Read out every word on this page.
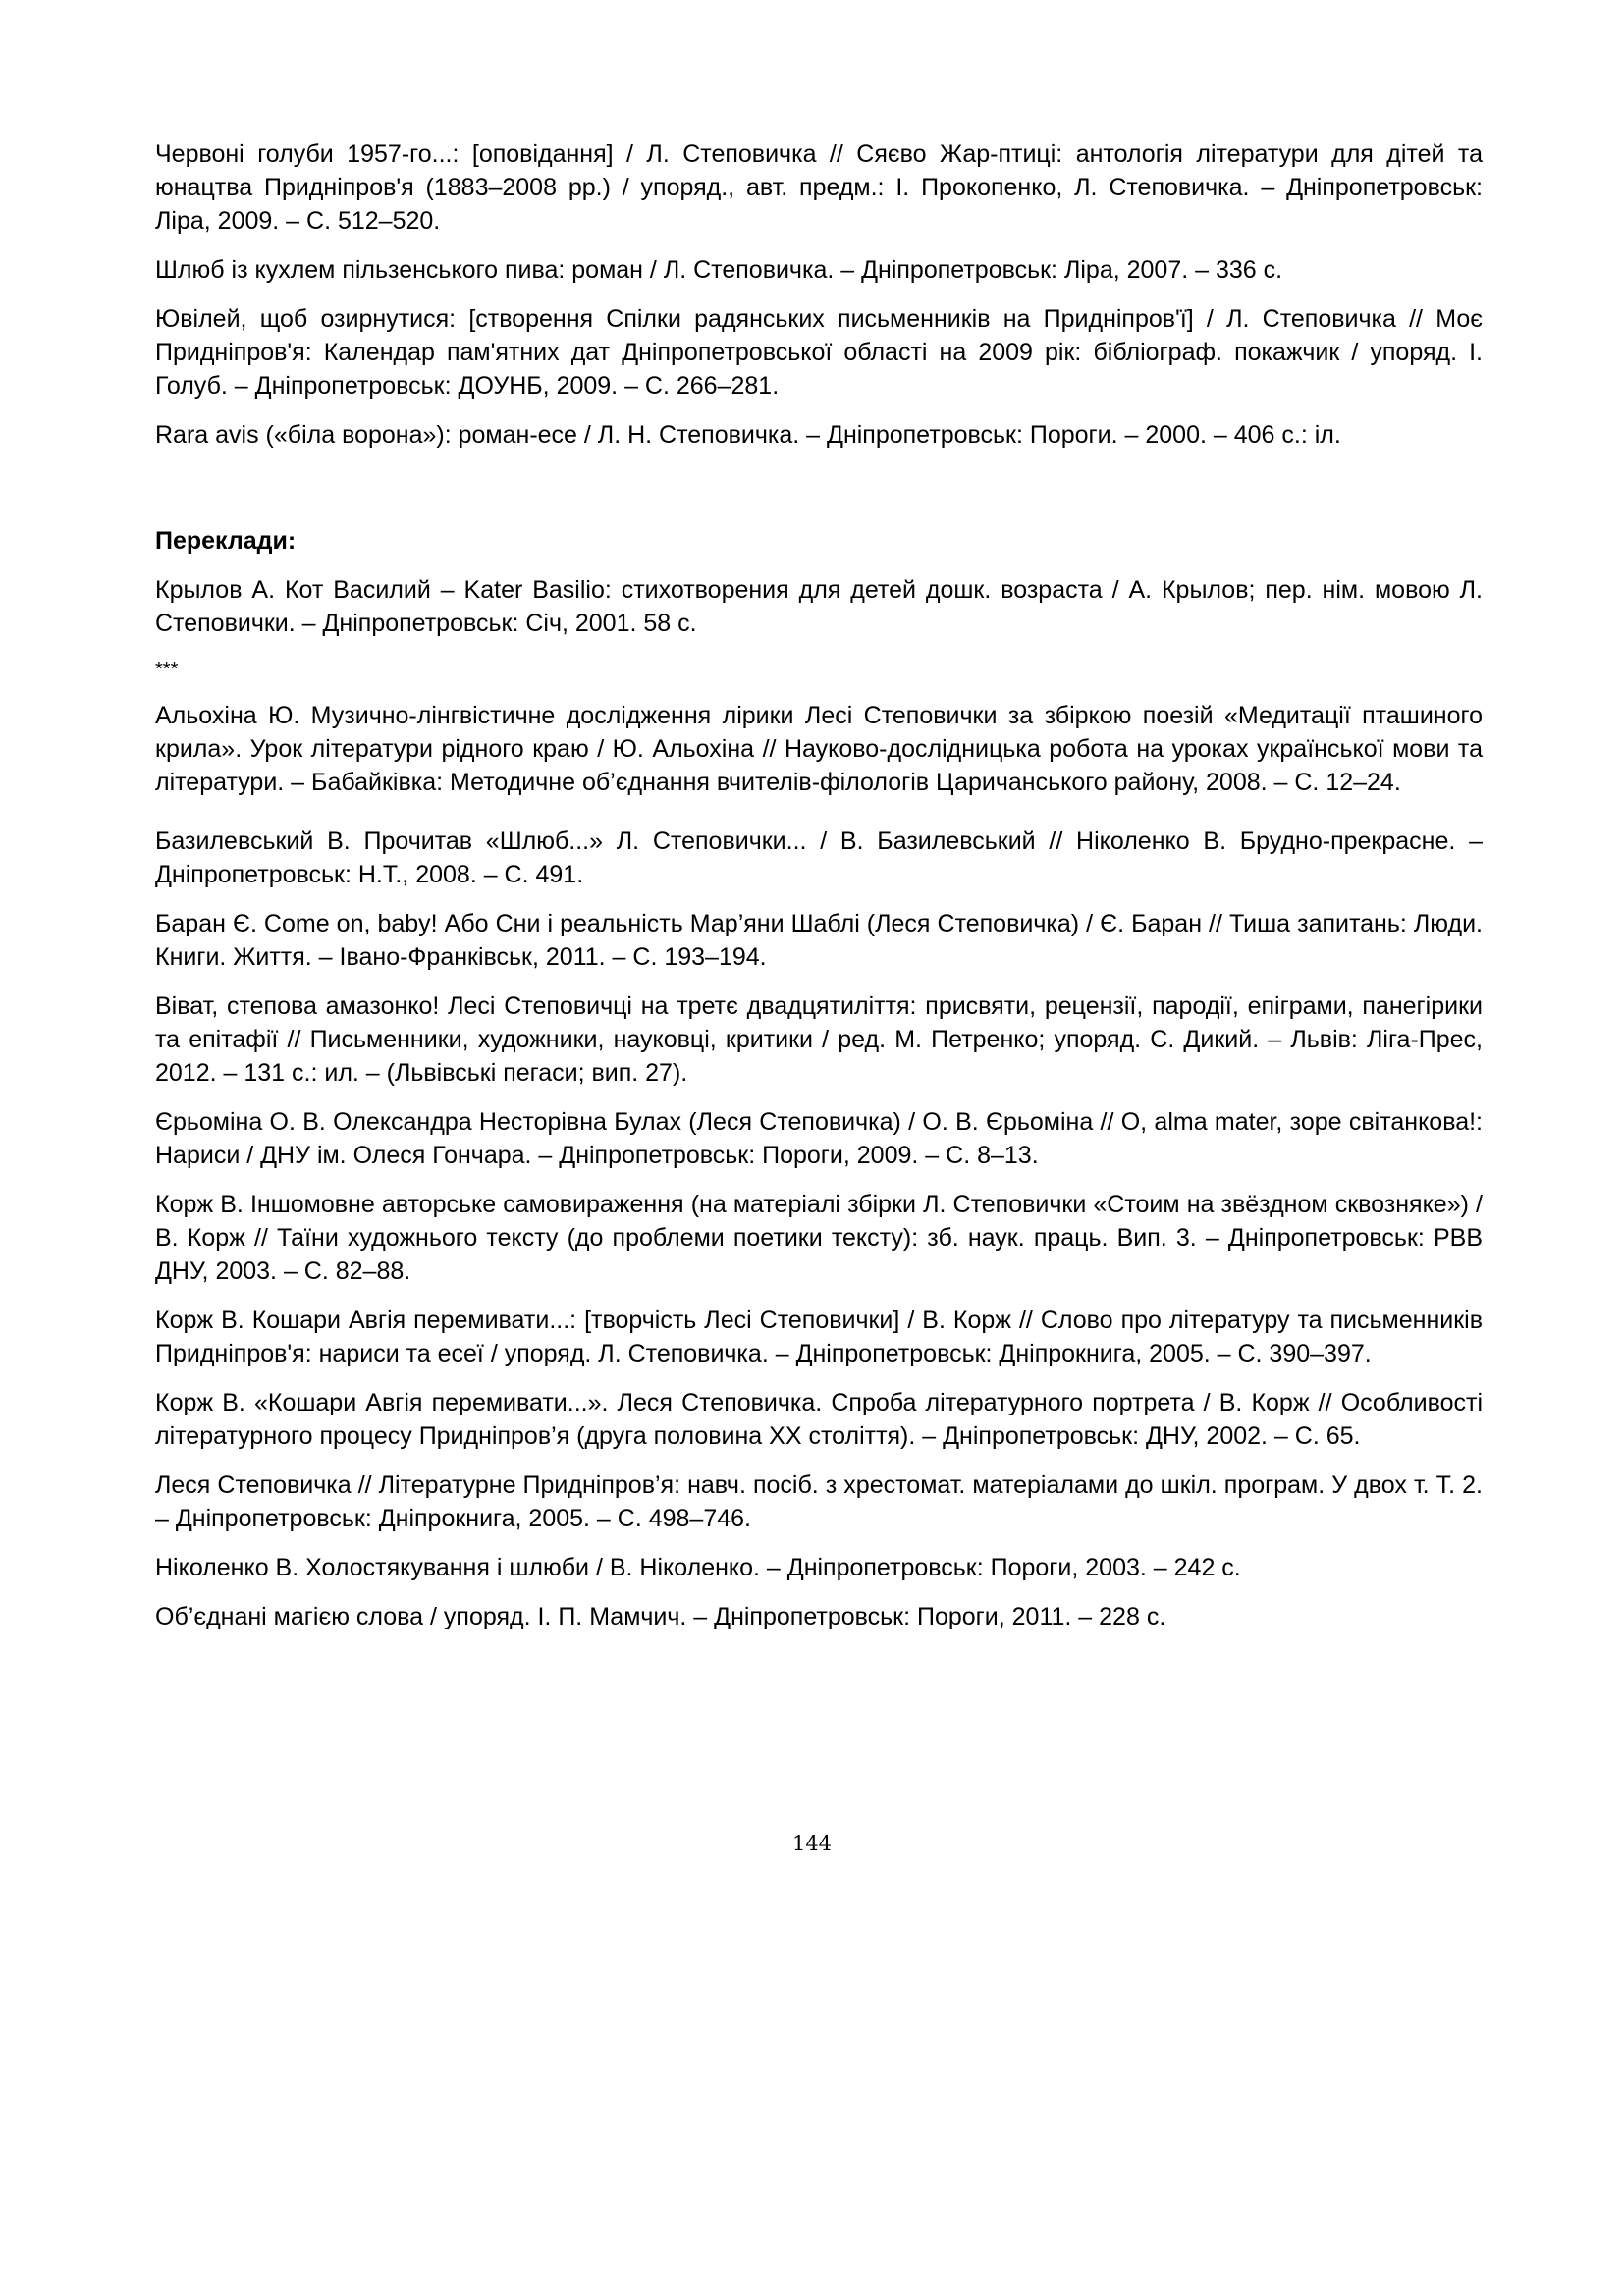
Червоні голуби 1957-го...: [оповідання] / Л. Степовичка // Сяєво Жар-птиці: антологія літератури для дітей та юнацтва Придніпров'я (1883–2008 рр.) / упоряд., авт. предм.: І. Прокопенко, Л. Степовичка. – Дніпропетровськ: Ліра, 2009. – С. 512–520.

Шлюб із кухлем пільзенського пива: роман / Л. Степовичка. – Дніпропетровськ: Ліра, 2007. – 336 с.

Ювілей, щоб озирнутися: [створення Спілки радянських письменників на Придніпров'ї] / Л. Степовичка // Моє Придніпров'я: Календар пам'ятних дат Дніпропетровської області на 2009 рік: бібліограф. покажчик / упоряд. І. Голуб. – Дніпропетровськ: ДОУНБ, 2009. – С. 266–281.

Rara avis («біла ворона»): роман-есе / Л. Н. Степовичка. – Дніпропетровськ: Пороги. – 2000. – 406 с.: іл.

Переклади:

Крылов А. Кот Василий – Kater Basilio: стихотворения для детей дошк. возраста / А. Крылов; пер. нім. мовою Л. Степовички. – Дніпропетровськ: Січ, 2001. 58 с.

***

Альохіна Ю. Музично-лінгвістичне дослідження лірики Лесі Степовички за збіркою поезій «Медитації пташиного крила». Урок літератури рідного краю / Ю. Альохіна // Науково-дослідницька робота на уроках української мови та літератури. – Бабайківка: Методичне об’єднання вчителів-філологів Царичанського району, 2008. – С. 12–24.

Базилевський В. Прочитав «Шлюб...» Л. Степовички... / В. Базилевський // Ніколенко В. Брудно-прекрасне. – Дніпропетровськ: Н.Т., 2008. – С. 491.

Баран Є. Come on, baby! Або Сни і реальність Мар’яни Шаблі (Леся Степовичка) / Є. Баран // Тиша запитань: Люди. Книги. Життя. – Івано-Франківськ, 2011. – С. 193–194.

Віват, степова амазонко! Лесі Степовичці на третє двадцятиліття: присвяти, рецензії, пародії, епіграми, панегірики та епітафії // Письменники, художники, науковці, критики / ред. М. Петренко; упоряд. С. Дикий. – Львів: Ліга-Прес, 2012. – 131 с.: ил. – (Львівські пегаси; вип. 27).

Єрьоміна О. В. Олександра Несторівна Булах (Леся Степовичка) / О. В. Єрьоміна // О, alma mater, зоре світанкова!: Нариси / ДНУ ім. Олеся Гончара. – Дніпропетровськ: Пороги, 2009. – С. 8–13.

Корж В. Іншомовне авторське самовираження (на матеріалі збірки Л. Степовички «Стоим на звёздном сквозняке») / В. Корж // Таїни художнього тексту (до проблеми поетики тексту): зб. наук. праць. Вип. 3. – Дніпропетровськ: РВВ ДНУ, 2003. – С. 82–88.

Корж В. Кошари Авгія перемивати...: [творчість Лесі Степовички] / В. Корж // Слово про літературу та письменників Придніпров'я: нариси та есеї / упоряд. Л. Степовичка. – Дніпропетровськ: Дніпрокнига, 2005. – С. 390–397.

Корж В. «Кошари Авгія перемивати...». Леся Степовичка. Спроба літературного портрета / В. Корж // Особливості літературного процесу Придніпров’я (друга половина ХХ століття). – Дніпропетровськ: ДНУ, 2002. – С. 65.

Леся Степовичка // Літературне Придніпров’я: навч. посіб. з хрестомат. матеріалами до шкіл. програм. У двох т. Т. 2. – Дніпропетровськ: Дніпрокнига, 2005. – С. 498–746.

Ніколенко В. Холостякування і шлюби / В. Ніколенко. – Дніпропетровськ: Пороги, 2003. – 242 с.

Об’єднані магією слова / упоряд. І. П. Мамчич. – Дніпропетровськ: Пороги, 2011. – 228 с.

144
